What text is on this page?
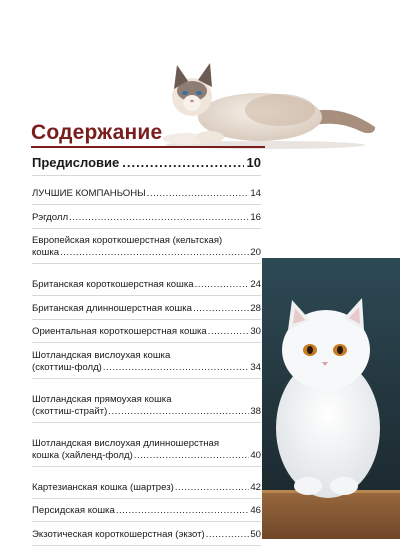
Содержание
Предисловие .....	10
ЛУЧШИЕ КОМПАНЬОНЫ .....	14
Рэгдолл .....	16
Европейская короткошерстная (кельтская)
кошка .....	20
Британская короткошерстная кошка .....	24
Британская длинношерстная кошка .....	28
Ориентальная короткошерстная кошка .....	30
Шотландская вислоухая кошка
(скоттиш-фолд) .....	34
Шотландская прямоухая кошка
(скоттиш-страйт) .....	38
Шотландская вислоухая длинношерстная
кошка (хайленд-фолд) .....	40
Картезианская кошка (шартрез) .....	42
Персидская кошка .....	46
Экзотическая короткошерстная (экзот) .....	50
